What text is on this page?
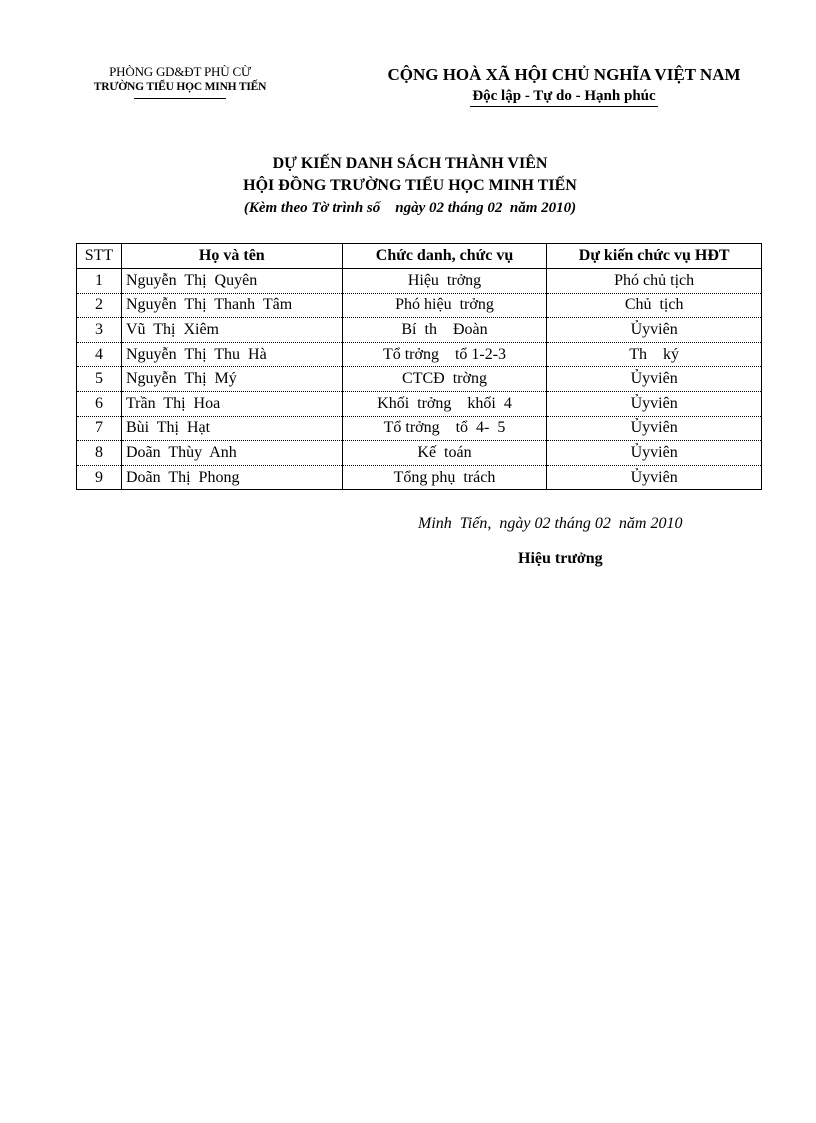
PHÒNG GD&ĐT PHÙ CỪ
TRƯỜNG TIỂU HỌC MINH TIẾN
CỘNG HOÀ XÃ HỘI CHỦ NGHĨA VIỆT NAM
Độc lập - Tự do - Hạnh phúc
DỰ KIẾN DANH SÁCH THÀNH VIÊN
HỘI ĐỒNG TRƯỜNG TIỂU HỌC MINH TIẾN
(Kèm theo Tờ trình số    ngày 02 tháng 02  năm 2010)
STT	Họ và tên	Chức danh, chức vụ	Dự kiến chức vụ HĐT
1	Nguyễn  Thị  Quyên	Hiệu  trởng	Phó chủ tịch
2	Nguyễn  Thị  Thanh  Tâm	Phó hiệu  trởng	Chủ  tịch
3	Vũ  Thị  Xiêm	Bí  th    Đoàn	Ủyviên
4	Nguyễn  Thị  Thu  Hà	Tổ trởng    tổ 1-2-3	Th    ký
5	Nguyễn  Thị  Mý	CTCĐ  trờng	Ủyviên
6	Trần  Thị  Hoa	Khối  trởng    khối  4	Ủyviên
7	Bùi  Thị  Hạt	Tổ trởng    tổ  4-  5	Ủyviên
8	Doãn  Thùy  Anh	Kế  toán	Ủyviên
9	Doãn  Thị  Phong	Tổng phụ  trách	Ủyviên
Minh  Tiến,  ngày 02 tháng 02  năm 2010
Hiệu trưởng
